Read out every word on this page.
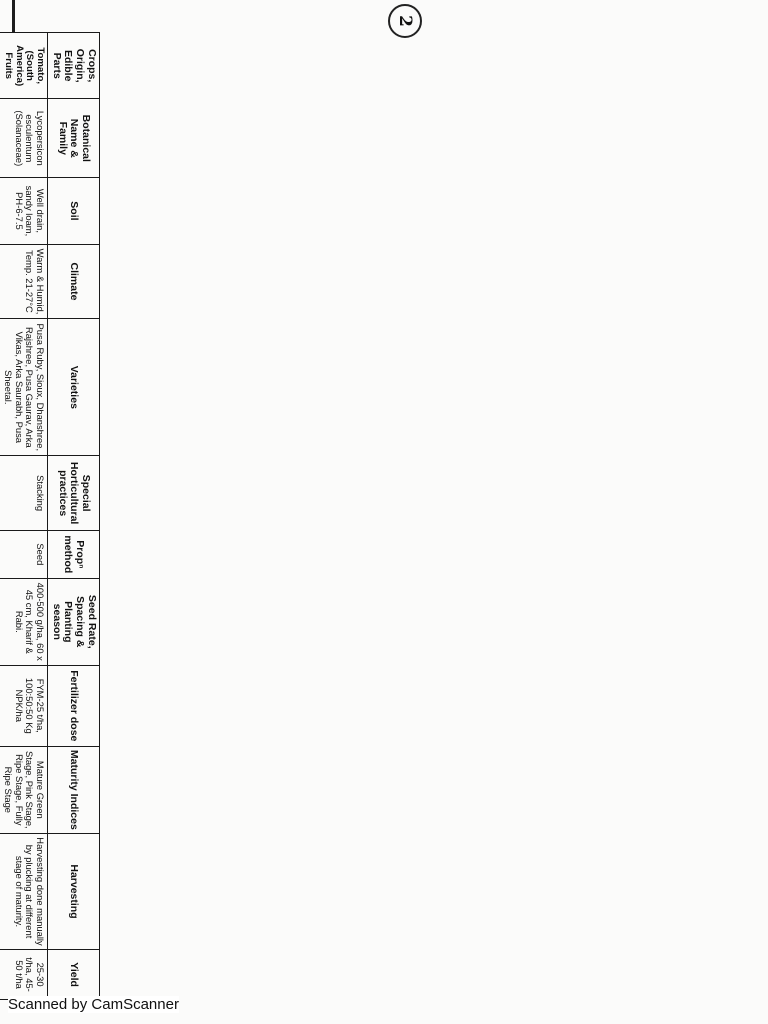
2
Crops, Origin, Edible Parts	Botanical Name & Family	Soil	Climate	Varieties	Special Horticultural practices	Propⁿ method	Seed Rate, Spacing & Planting season	Fertilizer dose	Maturity Indices	Harvesting	Yield
Tomato, (South America) Fruits	Lycopersicon esculentum (Solanaceae)	Well drain, sandy loam, PH-6-7.5	Warm & Humid, Temp. 21-27°C	Pusa Ruby, Sioux, Dhanshree, Rajshree, Pusa Gaurav, Arka Vikas, Arka Saurabh, Pusa Sheetal.	Stacking	Seed	400-500 g/ha, 60 x 45 cm, Kharif & Rabi.	FYM-25 t/ha, 100:50:50 Kg NPK/ha	Mature Green Stage, Pink Stage, Ripe Stage, Fully Ripe Stage	Harvesting done manually by plucking at different stage of maturity.	25-30 t/ha, 45-50 t/ha

Scanned by CamScanner
